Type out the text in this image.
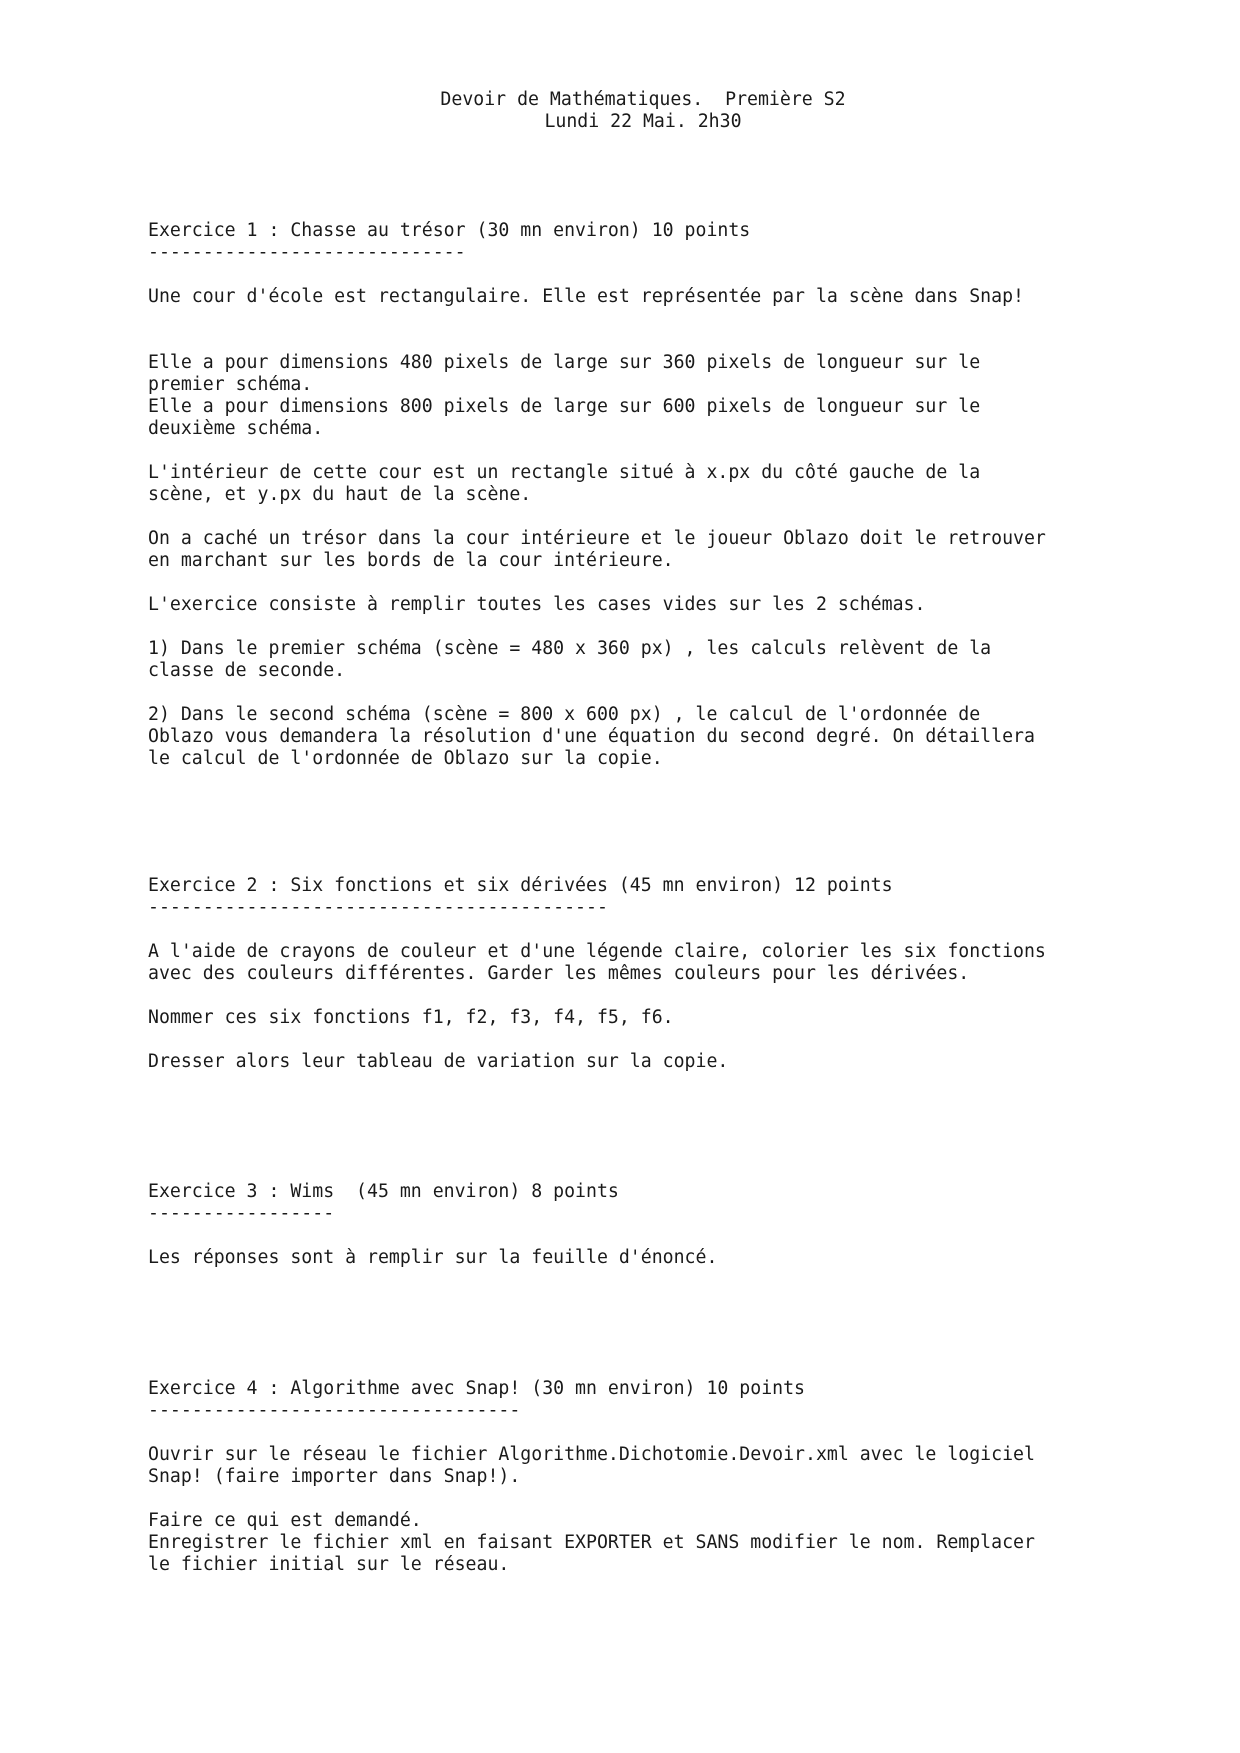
Devoir de Mathématiques.  Première S2
Lundi 22 Mai. 2h30
Exercice 1 : Chasse au trésor (30 mn environ) 10 points
-----------------------------
Une cour d'école est rectangulaire. Elle est représentée par la scène dans Snap!
Elle a pour dimensions 480 pixels de large sur 360 pixels de longueur sur le
premier schéma.
Elle a pour dimensions 800 pixels de large sur 600 pixels de longueur sur le
deuxième schéma.
L'intérieur de cette cour est un rectangle situé à x.px du côté gauche de la
scène, et y.px du haut de la scène.
On a caché un trésor dans la cour intérieure et le joueur Oblazo doit le retrouver
en marchant sur les bords de la cour intérieure.
L'exercice consiste à remplir toutes les cases vides sur les 2 schémas.
1) Dans le premier schéma (scène = 480 x 360 px) , les calculs relèvent de la
classe de seconde.
2) Dans le second schéma (scène = 800 x 600 px) , le calcul de l'ordonnée de
Oblazo vous demandera la résolution d'une équation du second degré. On détaillera
le calcul de l'ordonnée de Oblazo sur la copie.
Exercice 2 : Six fonctions et six dérivées (45 mn environ) 12 points
------------------------------------------
A l'aide de crayons de couleur et d'une légende claire, colorier les six fonctions
avec des couleurs différentes. Garder les mêmes couleurs pour les dérivées.
Nommer ces six fonctions f1, f2, f3, f4, f5, f6.
Dresser alors leur tableau de variation sur la copie.
Exercice 3 : Wims  (45 mn environ) 8 points
-----------------
Les réponses sont à remplir sur la feuille d'énoncé.
Exercice 4 : Algorithme avec Snap! (30 mn environ) 10 points
----------------------------------
Ouvrir sur le réseau le fichier Algorithme.Dichotomie.Devoir.xml avec le logiciel
Snap! (faire importer dans Snap!).
Faire ce qui est demandé.
Enregistrer le fichier xml en faisant EXPORTER et SANS modifier le nom. Remplacer
le fichier initial sur le réseau.
